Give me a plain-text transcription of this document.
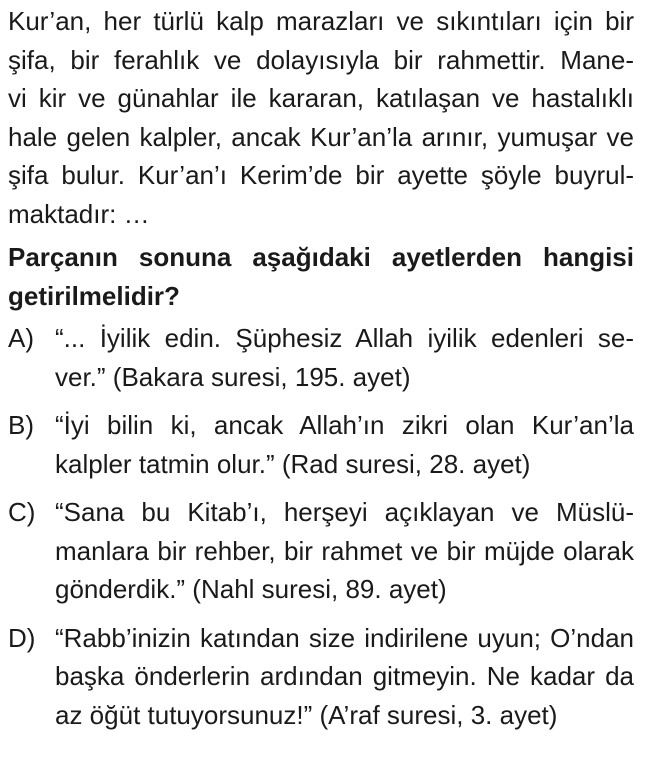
Kur’an, her türlü kalp marazları ve sıkıntıları için bir
şifa, bir ferahlık ve dolayısıyla bir rahmettir. Mane-
vi kir ve günahlar ile kararan, katılaşan ve hastalıklı
hale gelen kalpler, ancak Kur’an’la arınır, yumuşar ve
şifa bulur. Kur’an’ı Kerim’de bir ayette şöyle buyrul-
maktadır: …
Parçanın sonuna aşağıdaki ayetlerden hangisi
getirilmelidir?
A) “... İyilik edin. Şüphesiz Allah iyilik edenleri se-
ver.” (Bakara suresi, 195. ayet)
B) “İyi bilin ki, ancak Allah’ın zikri olan Kur’an’la
kalpler tatmin olur.” (Rad suresi, 28. ayet)
C) “Sana bu Kitab’ı, herşeyi açıklayan ve Müslü-
manlara bir rehber, bir rahmet ve bir müjde olarak
gönderdik.” (Nahl suresi, 89. ayet)
D) “Rabb’inizin katından size indirilene uyun; O’ndan
başka önderlerin ardından gitmeyin. Ne kadar da
az öğüt tutuyorsunuz!” (A’raf suresi, 3. ayet)
